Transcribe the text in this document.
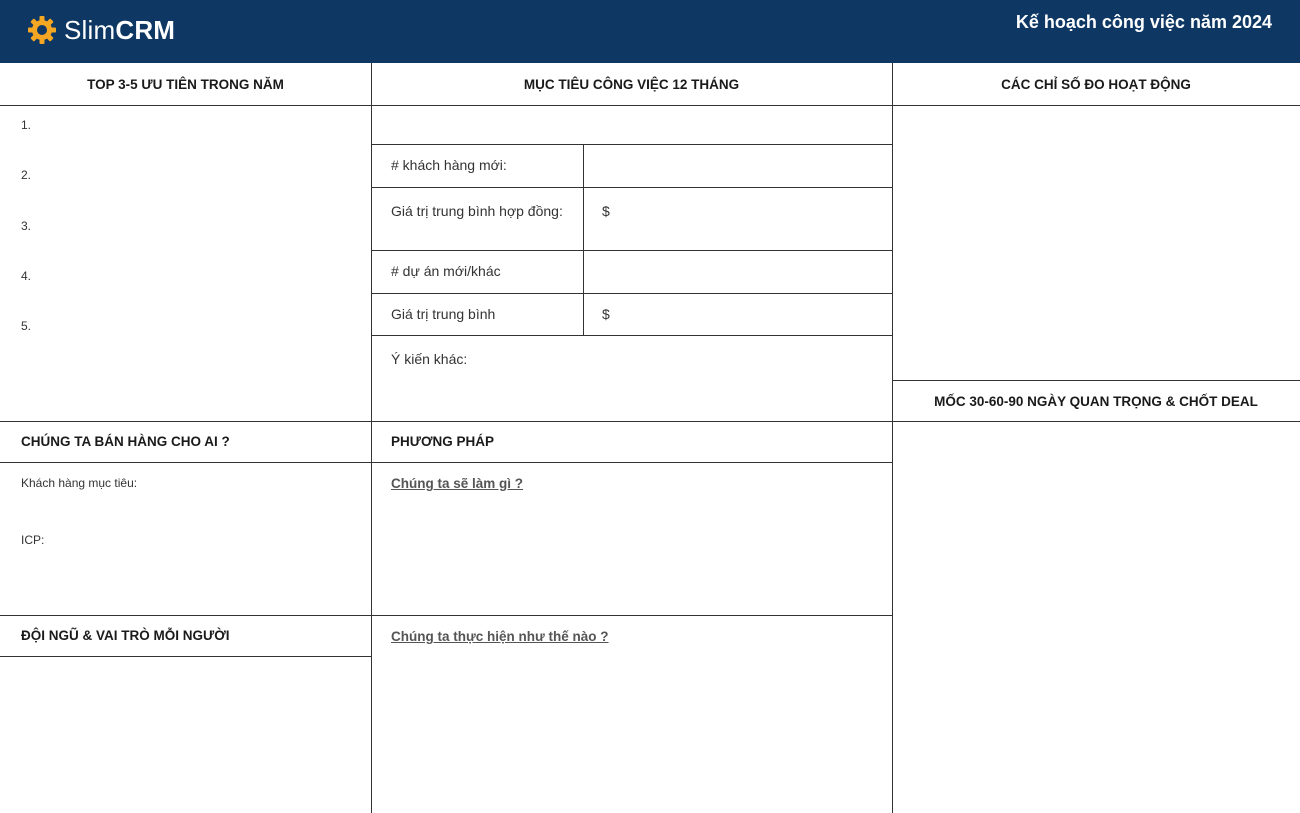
SlimCRM	Kế hoạch công việc năm 2024
TOP 3-5 ƯU TIÊN TRONG NĂM	MỤC TIÊU CÔNG VIỆC 12 THÁNG	CÁC CHỈ SỐ ĐO HOẠT ĐỘNG
1.
2.
3.
4.
5.
# khách hàng mới:
Giá trị trung bình hợp đồng:	$
# dự án mới/khác
Giá trị trung bình	$
Ý kiến khác:
MỐC 30-60-90 NGÀY QUAN TRỌNG & CHỐT DEAL
CHÚNG TA BÁN HÀNG CHO AI ?
Khách hàng mục tiêu:
ICP:
PHƯƠNG PHÁP
Chúng ta sẽ làm gì ?
Chúng ta thực hiện như thế nào ?
ĐỘI NGŨ & VAI TRÒ MỖI NGƯỜI
